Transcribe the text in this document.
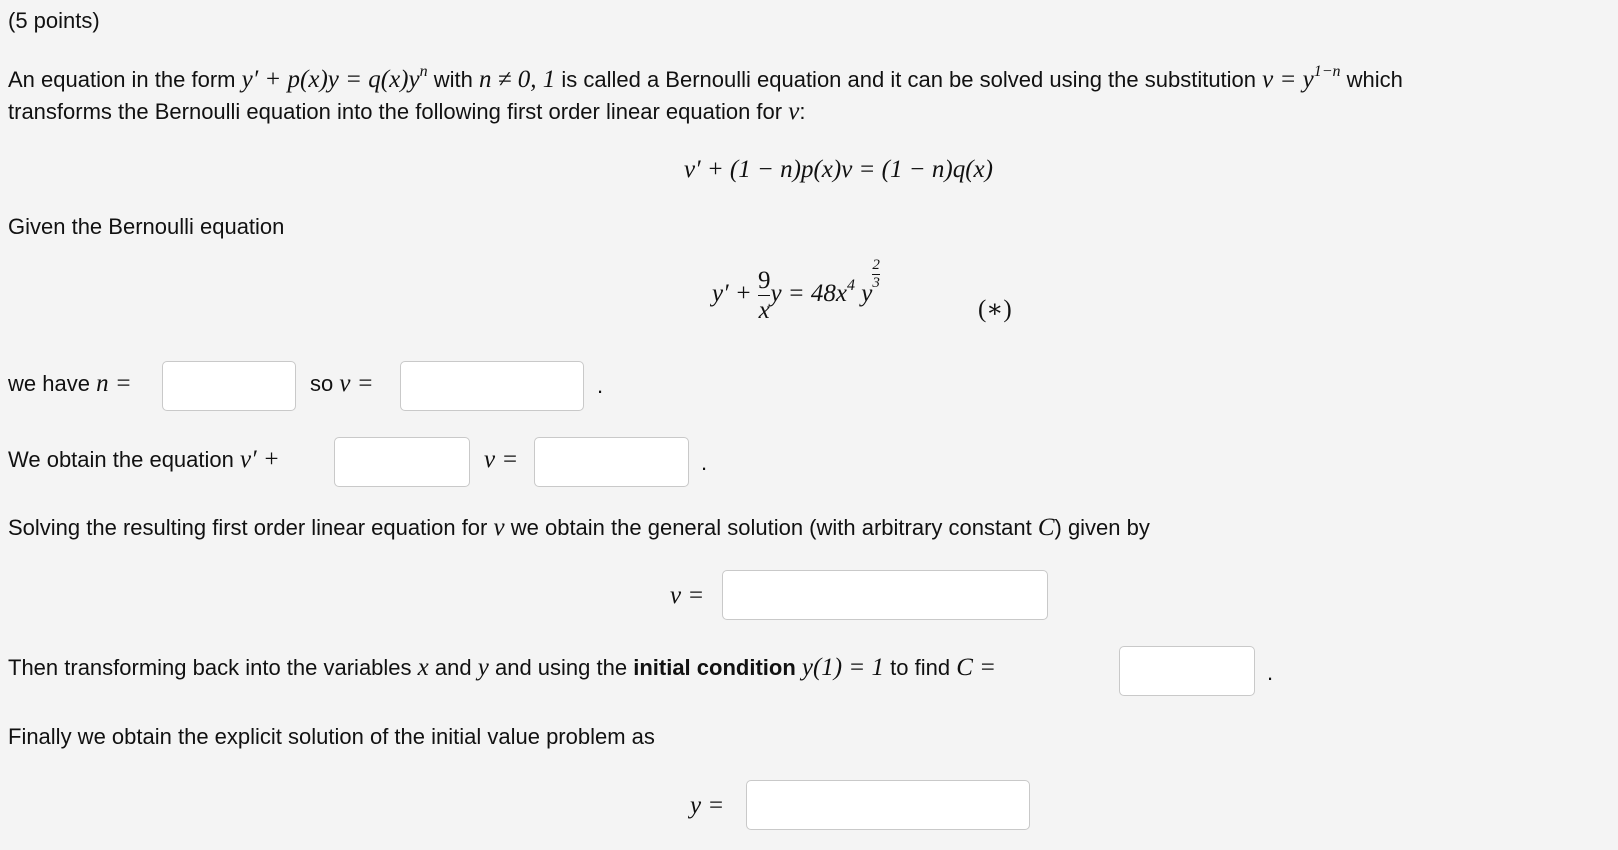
(5 points)
An equation in the form $y' + p(x)y = q(x)y^n$ with n ≠ 0, 1 is called a Bernoulli equation and it can be solved using the substitution $v = y^{1-n}$ which
transforms the Bernoulli equation into the following first order linear equation for v:
v′ + (1 − n)p(x)v = (1 − n)q(x)
Given the Bernoulli equation
$y' + \frac{9}{x}$ $y = 48x^4$ y
$\frac{2}{3}$
(∗)
we have n =	so v =	.
We obtain the equation v′ +	v =	.
Solving the resulting first order linear equation for v we obtain the general solution (with arbitrary constant C) given by
v =
Then transforming back into the variables x and y and using the initial condition y(1) = 1 to find C =	.
Finally we obtain the explicit solution of the initial value problem as
y =
